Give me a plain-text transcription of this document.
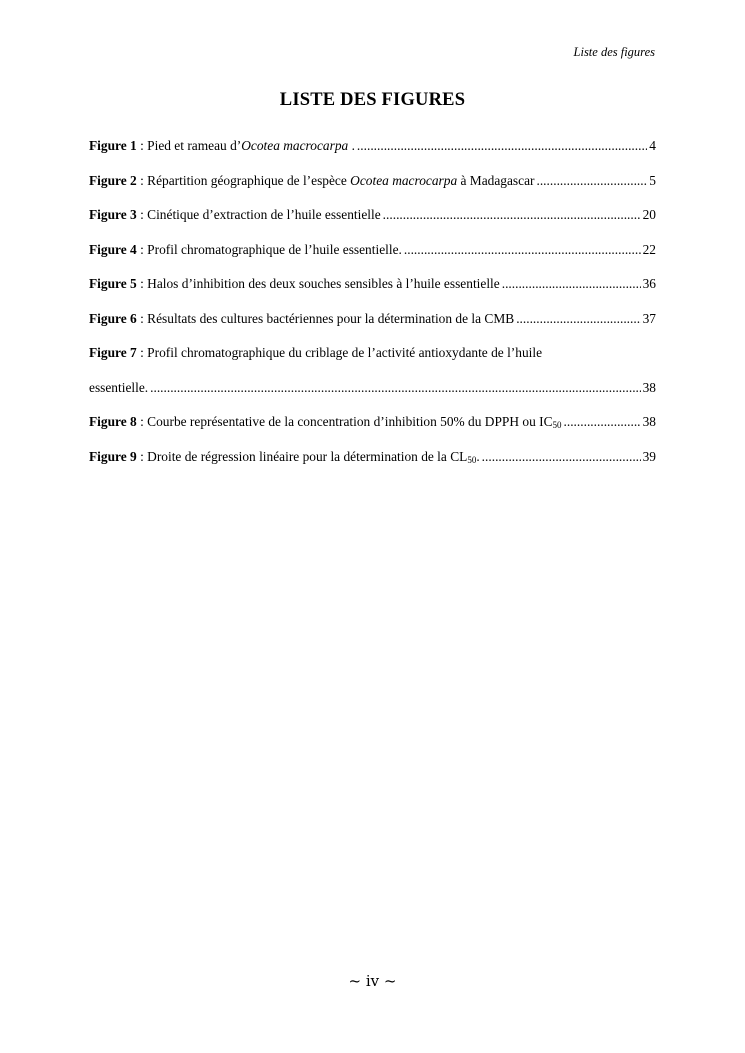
Liste des figures
LISTE DES FIGURES
Figure 1 : Pied et rameau d’Ocotea macrocarpa . .....	4
Figure 2 : Répartition géographique de l’espèce Ocotea macrocarpa à Madagascar .....	5
Figure 3 : Cinétique d’extraction de l’huile essentielle .....	20
Figure 4 : Profil chromatographique de l’huile essentielle. .....	22
Figure 5 : Halos d’inhibition des deux souches sensibles à l’huile essentielle .....	36
Figure 6 : Résultats des cultures bactériennes pour la détermination de la CMB .....	37
Figure 7 : Profil chromatographique du criblage de l’activité antioxydante de l’huile
essentielle. .....	38
Figure 8 : Courbe représentative de la concentration d’inhibition 50% du DPPH ou $IC_{50}$ .....	38
Figure 9 : Droite de régression linéaire pour la détermination de la $CL_{50}$. .....	39
~ iv ~
